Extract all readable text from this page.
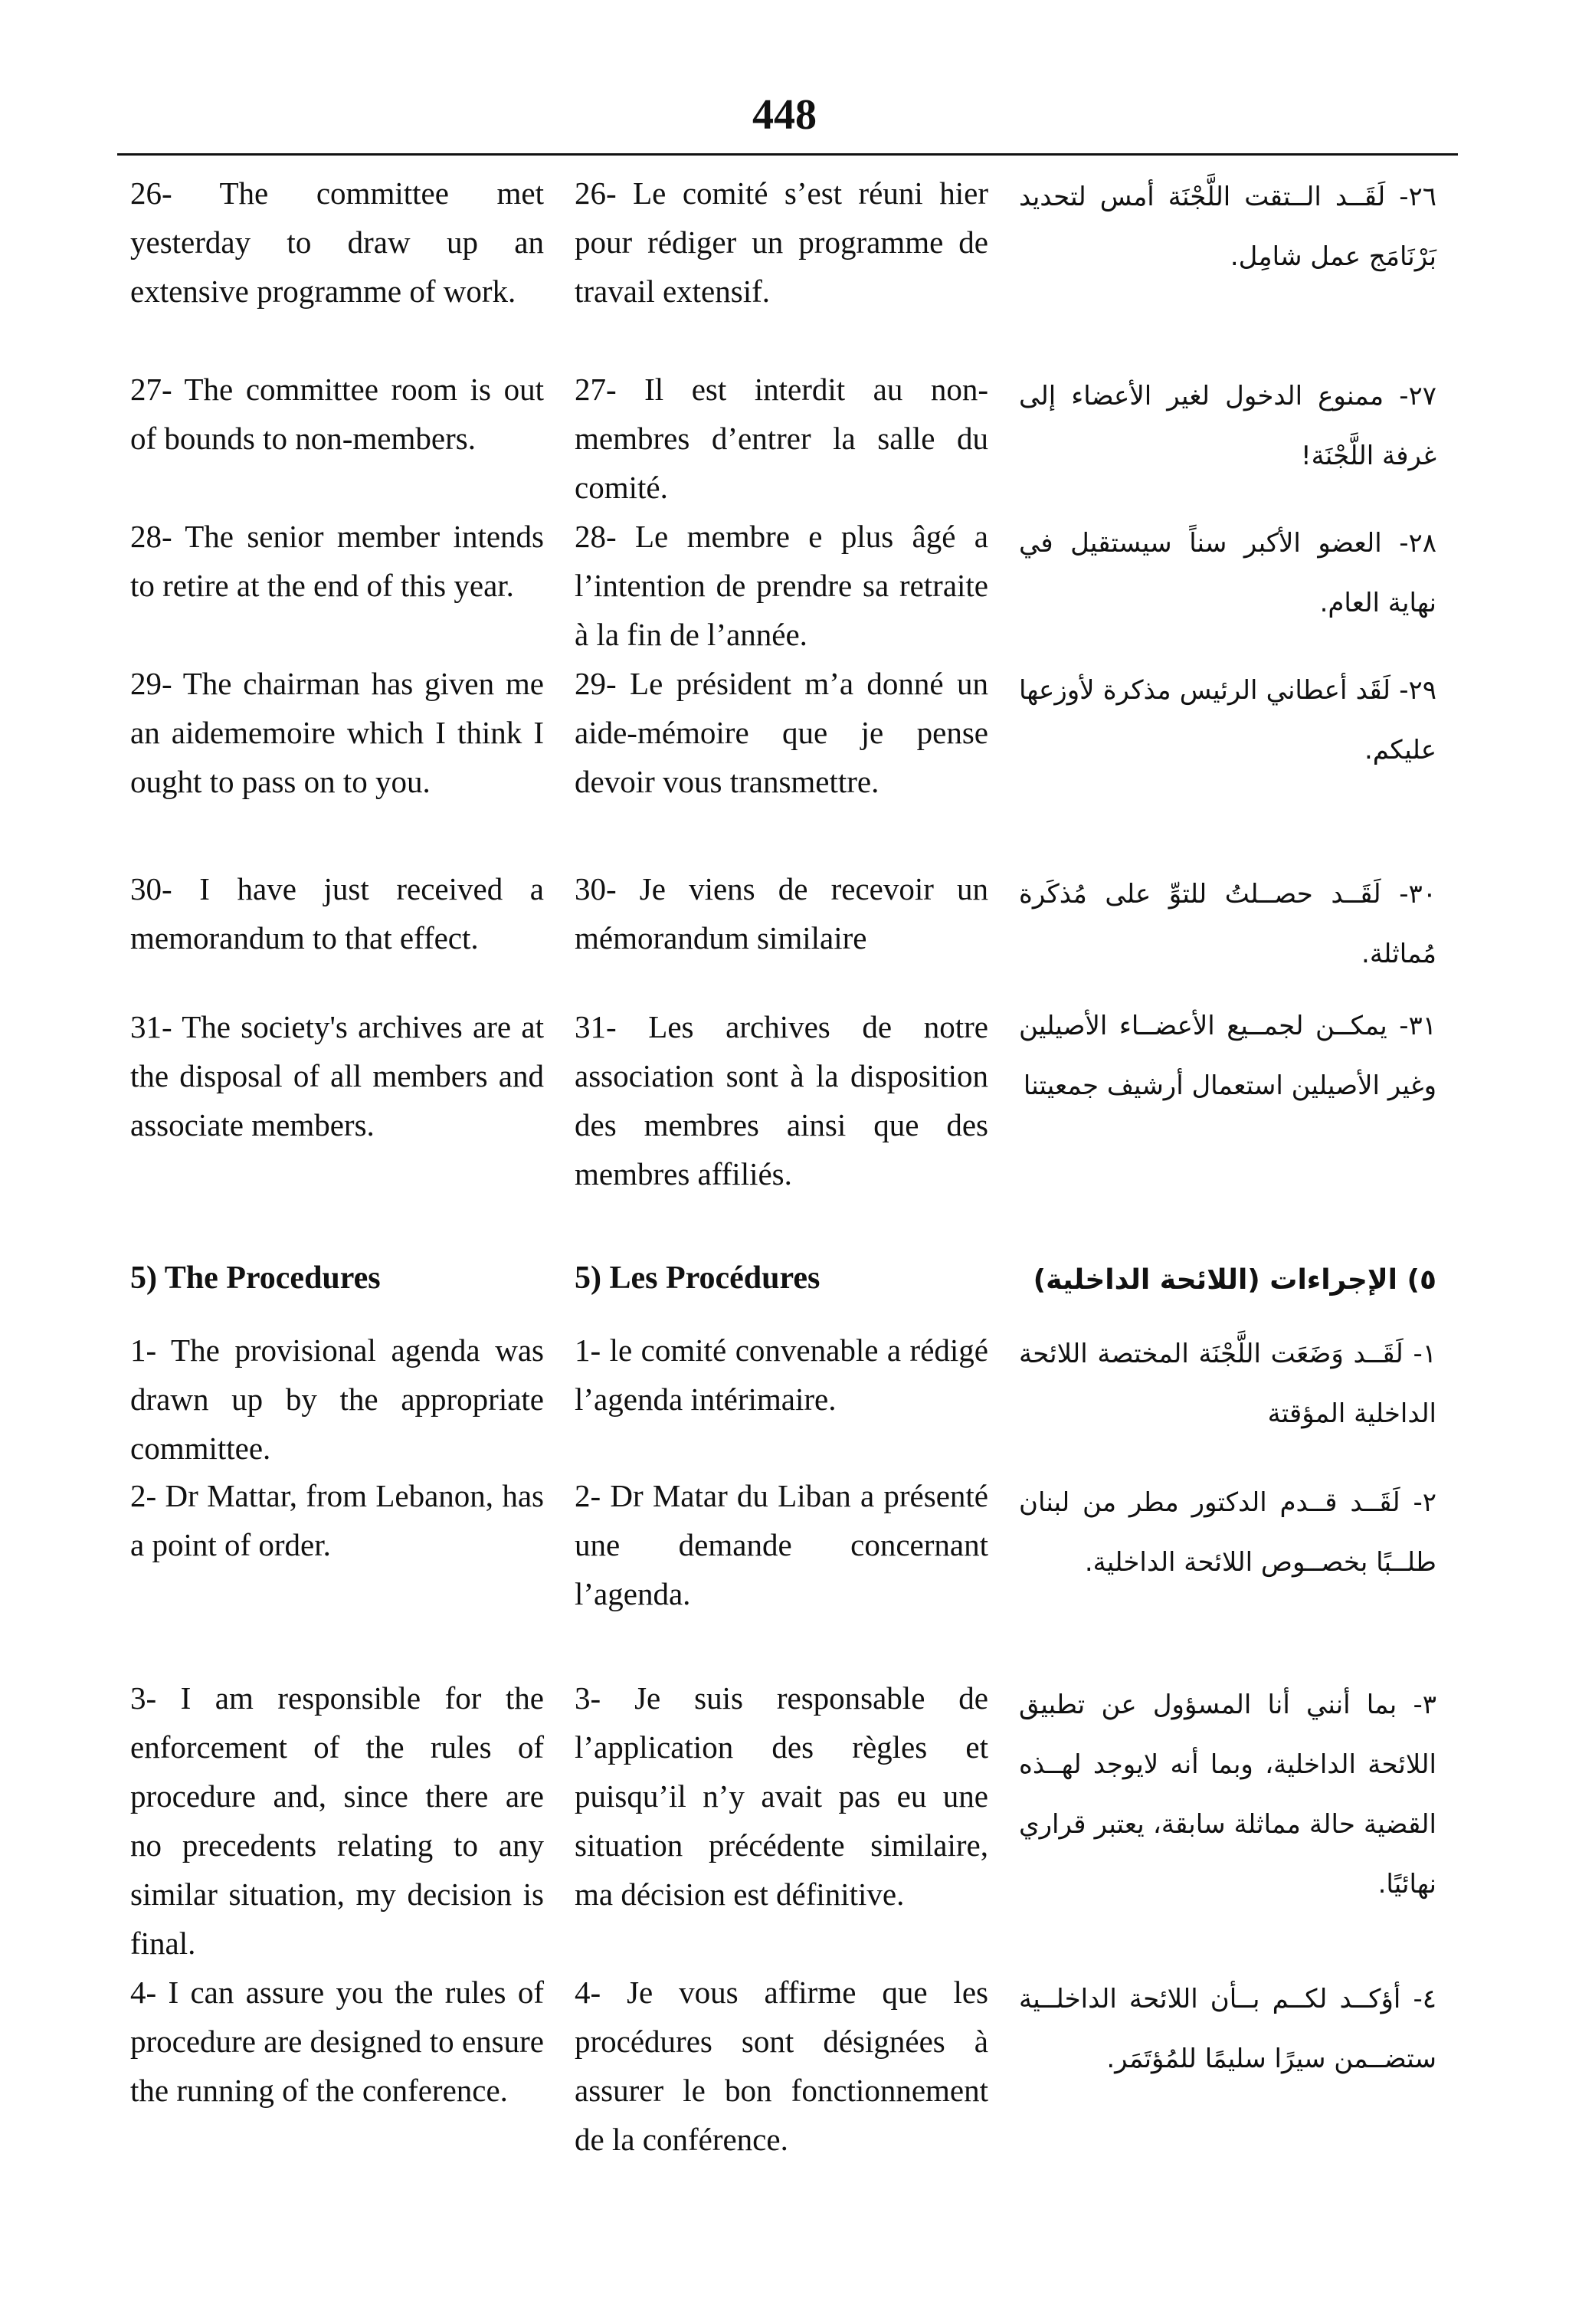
448

26- The committee met yesterday to draw up an extensive programme of work.

26- Le comité s’est réuni hier pour rédiger un programme de travail extensif.

٢٦- لَقَــد الــتقت اللَّجْنَة أمس لتحديد بَرْنَامَج عمل شامِل.

27- The committee room is out of bounds to non-members.

27- Il est interdit au non-membres d’entrer la salle du comité.

٢٧- ممنوع الدخول لغير الأعضاء إلى غرفة اللَّجْنَة!

28- The senior member intends to retire at the end of this year.

28- Le membre e plus âgé a l’intention de prendre sa retraite à la fin de l’année.

٢٨- العضو الأكبر سناً سيستقيل في نهاية العام.

29- The chairman has given me an aidememoire which I think I ought to pass on to you.

29- Le président m’a donné un aide-mémoire que je pense devoir vous transmettre.

٢٩- لَقَد أعطاني الرئيس مذكرة لأوزعها عليكم.

30- I have just received a memorandum to that effect.

30- Je viens de recevoir un mémorandum similaire

٣٠- لَقَــد حصــلتُ للتوِّ على مُذكَرة مُماثلة.

31- The society's archives are at the disposal of all members and associate members.

31- Les archives de notre association sont à la disposition des membres ainsi que des membres affiliés.

٣١- يمكــن لجمــيع الأعضــاء الأصيلين وغير الأصيلين استعمال أرشيف جمعيتنا

5) The Procedures	5) Les Procédures	٥) الإجراءات (اللائحة الداخلية)

1- The provisional agenda was drawn up by the appropriate committee.

1- le comité convenable a rédigé l’agenda intérimaire.

١- لَقَــد وَضَعَت اللَّجْنَة المختصة اللائحة الداخلية المؤقتة

2- Dr Mattar, from Lebanon, has a point of order.

2- Dr Matar du Liban a présenté une demande concernant l’agenda.

٢- لَقَــد قــدم الدكتور مطر من لبنان طلــبًا بخصــوص اللائحة الداخلية.

3- I am responsible for the enforcement of the rules of procedure and, since there are no precedents relating to any similar situation, my decision is final.

3- Je suis responsable de l’application des règles et puisqu’il n’y avait pas eu une situation précédente similaire, ma décision est définitive.

٣- بما أنني أنا المسؤول عن تطبيق اللائحة الداخلية، وبما أنه لايوجد لهــذه القضية حالة مماثلة سابقة، يعتبر قراري نهائيًا.

4- I can assure you the rules of procedure are designed to ensure the running of the conference.

4- Je vous affirme que les procédures sont désignées à assurer le bon fonctionnement de la conférence.

٤- أؤكــد لكــم بــأن اللائحة الداخلــية ستضــمن سيرًا سليمًا للمُؤتَمَر.
